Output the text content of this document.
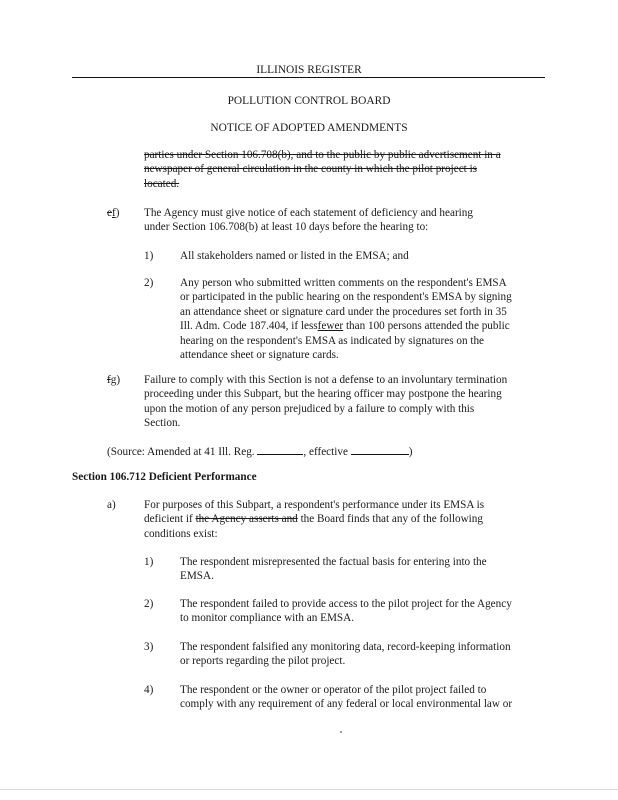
ILLINOIS REGISTER
POLLUTION CONTROL BOARD
NOTICE OF ADOPTED AMENDMENTS
parties under Section 106.708(b), and to the public by public advertisement in a
newspaper of general circulation in the county in which the pilot project is
located.
ef) The Agency must give notice of each statement of deficiency and hearing
under Section 106.708(b) at least 10 days before the hearing to:
1) All stakeholders named or listed in the EMSA; and
2) Any person who submitted written comments on the respondent's EMSA
or participated in the public hearing on the respondent's EMSA by signing
an attendance sheet or signature card under the procedures set forth in 35
Ill. Adm. Code 187.404, if lessfewer than 100 persons attended the public
hearing on the respondent's EMSA as indicated by signatures on the
attendance sheet or signature cards.
fg) Failure to comply with this Section is not a defense to an involuntary termination
proceeding under this Subpart, but the hearing officer may postpone the hearing
upon the motion of any person prejudiced by a failure to comply with this
Section.
(Source: Amended at 41 Ill. Reg.	, effective	)
Section 106.712 Deficient Performance
a)	For purposes of this Subpart, a respondent's performance under its EMSA is
deficient if the Agency asserts and the Board finds that any of the following
conditions exist:
1) The respondent misrepresented the factual basis for entering into the
EMSA.
2) The respondent failed to provide access to the pilot project for the Agency
to monitor compliance with an EMSA.
3) The respondent falsified any monitoring data, record-keeping information
or reports regarding the pilot project.
4) The respondent or the owner or operator of the pilot project failed to
comply with any requirement of any federal or local environmental law or
